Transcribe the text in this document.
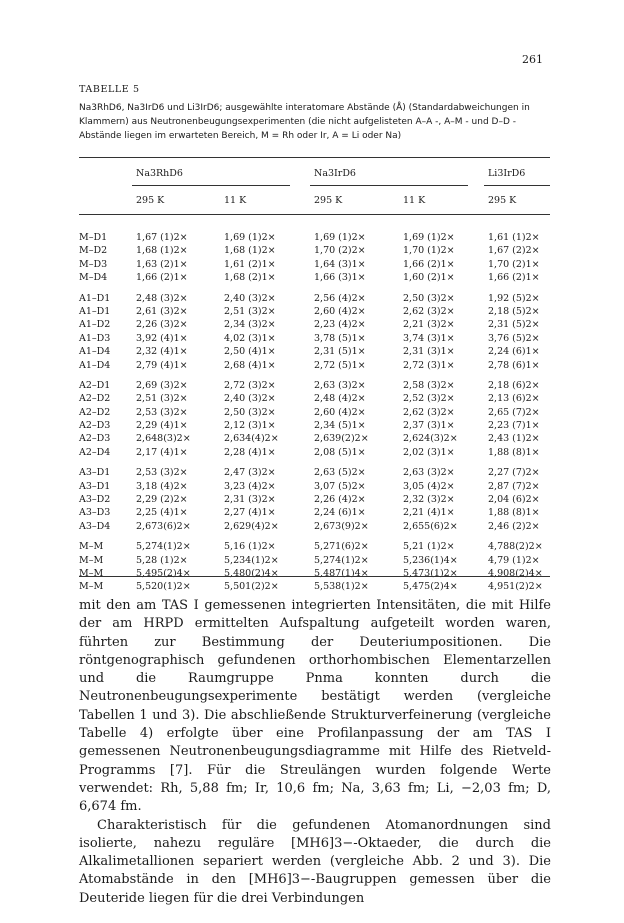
261
TABELLE 5
Na3RhD6, Na3IrD6 und Li3IrD6; ausgewählte interatomare Abstände (Å) (Standardabweichungen in Klammern) aus Neutronenbeugungsexperimenten (die nicht aufgelisteten A–A -, A–M - und D–D - Abstände liegen im erwarteten Bereich, M = Rh oder Ir, A = Li oder Na)
Na3RhD6	Na3IrD6	Li3IrD6
295 K	11 K	295 K	11 K	295 K
M–D1	1,67 (1)2×	1,69 (1)2×	1,69 (1)2×	1,69 (1)2×	1,61 (1)2×
M–D2	1,68 (1)2×	1,68 (1)2×	1,70 (2)2×	1,70 (1)2×	1,67 (2)2×
M–D3	1,63 (2)1×	1,61 (2)1×	1,64 (3)1×	1,66 (2)1×	1,70 (2)1×
M–D4	1,66 (2)1×	1,68 (2)1×	1,66 (3)1×	1,60 (2)1×	1,66 (2)1×
A1–D1	2,48 (3)2×	2,40 (3)2×	2,56 (4)2×	2,50 (3)2×	1,92 (5)2×
A1–D1	2,61 (3)2×	2,51 (3)2×	2,60 (4)2×	2,62 (3)2×	2,18 (5)2×
A1–D2	2,26 (3)2×	2,34 (3)2×	2,23 (4)2×	2,21 (3)2×	2,31 (5)2×
A1–D3	3,92 (4)1×	4,02 (3)1×	3,78 (5)1×	3,74 (3)1×	3,76 (5)2×
A1–D4	2,32 (4)1×	2,50 (4)1×	2,31 (5)1×	2,31 (3)1×	2,24 (6)1×
A1–D4	2,79 (4)1×	2,68 (4)1×	2,72 (5)1×	2,72 (3)1×	2,78 (6)1×
A2–D1	2,69 (3)2×	2,72 (3)2×	2,63 (3)2×	2,58 (3)2×	2,18 (6)2×
A2–D2	2,51 (3)2×	2,40 (3)2×	2,48 (4)2×	2,52 (3)2×	2,13 (6)2×
A2–D2	2,53 (3)2×	2,50 (3)2×	2,60 (4)2×	2,62 (3)2×	2,65 (7)2×
A2–D3	2,29 (4)1×	2,12 (3)1×	2,34 (5)1×	2,37 (3)1×	2,23 (7)1×
A2–D3	2,648(3)2×	2,634(4)2×	2,639(2)2×	2,624(3)2×	2,43 (1)2×
A2–D4	2,17 (4)1×	2,28 (4)1×	2,08 (5)1×	2,02 (3)1×	1,88 (8)1×
A3–D1	2,53 (3)2×	2,47 (3)2×	2,63 (5)2×	2,63 (3)2×	2,27 (7)2×
A3–D1	3,18 (4)2×	3,23 (4)2×	3,07 (5)2×	3,05 (4)2×	2,87 (7)2×
A3–D2	2,29 (2)2×	2,31 (3)2×	2,26 (4)2×	2,32 (3)2×	2,04 (6)2×
A3–D3	2,25 (4)1×	2,27 (4)1×	2,24 (6)1×	2,21 (4)1×	1,88 (8)1×
A3–D4	2,673(6)2×	2,629(4)2×	2,673(9)2×	2,655(6)2×	2,46 (2)2×
M–M	5,274(1)2×	5,16 (1)2×	5,271(6)2×	5,21 (1)2×	4,788(2)2×
M–M	5,28 (1)2×	5,234(1)2×	5,274(1)2×	5,236(1)4×	4,79 (1)2×
M–M	5,495(2)4×	5,480(2)4×	5,487(1)4×	5,473(1)2×	4,908(2)4×
M–M	5,520(1)2×	5,501(2)2×	5,538(1)2×	5,475(2)4×	4,951(2)2×

mit den am TAS I gemessenen integrierten Intensitäten, die mit Hilfe der am HRPD ermittelten Aufspaltung aufgeteilt worden waren, führten zur Bestimmung der Deuteriumpositionen. Die röntgenographisch gefundenen orthorhombischen Elementarzellen und die Raumgruppe Pnma konnten durch die Neutronenbeugungsexperimente bestätigt werden (vergleiche Tabellen 1 und 3). Die abschließende Strukturverfeinerung (vergleiche Tabelle 4) erfolgte über eine Profilanpassung der am TAS I gemessenen Neutronenbeugungsdiagramme mit Hilfe des Rietveld-Programms [7]. Für die Streulängen wurden folgende Werte verwendet: Rh, 5,88 fm; Ir, 10,6 fm; Na, 3,63 fm; Li, −2,03 fm; D, 6,674 fm.

Charakteristisch für die gefundenen Atomanordnungen sind isolierte, nahezu reguläre [MH6]3−-Oktaeder, die durch die Alkalimetallionen separiert werden (vergleiche Abb. 2 und 3). Die Atomabstände in den [MH6]3−-Baugruppen gemessen über die Deuteride liegen für die drei Verbindungen
